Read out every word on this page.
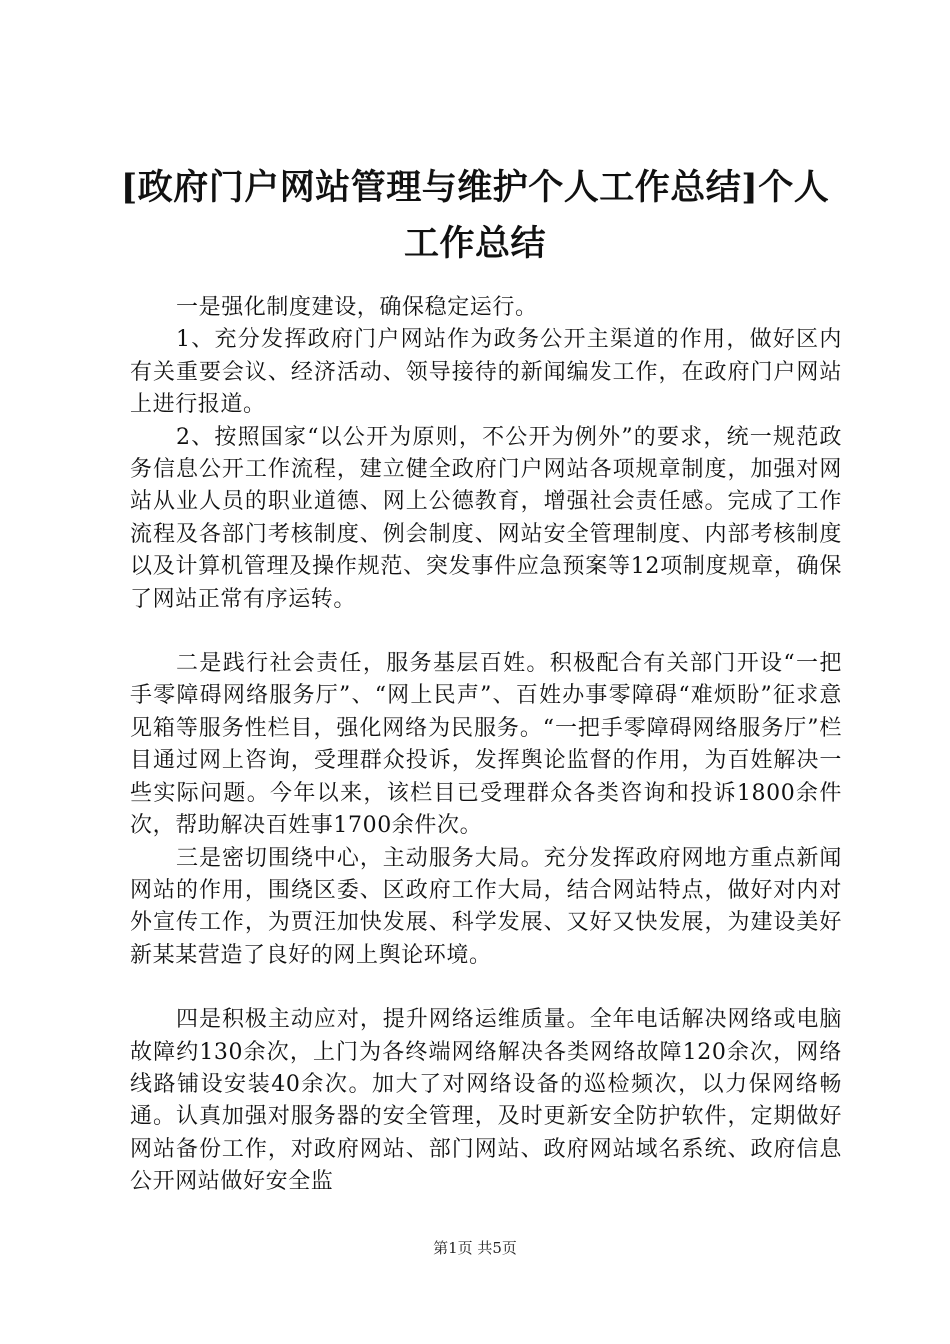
[政府门户网站管理与维护个人工作总结]个人工作总结

一是强化制度建设，确保稳定运行。

1、充分发挥政府门户网站作为政务公开主渠道的作用，做好区内有关重要会议、经济活动、领导接待的新闻编发工作，在政府门户网站上进行报道。

2、按照国家“以公开为原则，不公开为例外”的要求，统一规范政务信息公开工作流程，建立健全政府门户网站各项规章制度，加强对网站从业人员的职业道德、网上公德教育，增强社会责任感。完成了工作流程及各部门考核制度、例会制度、网站安全管理制度、内部考核制度以及计算机管理及操作规范、突发事件应急预案等12项制度规章，确保了网站正常有序运转。

二是践行社会责任，服务基层百姓。积极配合有关部门开设“一把手零障碍网络服务厅”、“网上民声”、百姓办事零障碍“难烦盼”征求意见箱等服务性栏目，强化网络为民服务。“一把手零障碍网络服务厅”栏目通过网上咨询，受理群众投诉，发挥舆论监督的作用，为百姓解决一些实际问题。今年以来，该栏目已受理群众各类咨询和投诉1800余件次，帮助解决百姓事1700余件次。

三是密切围绕中心，主动服务大局。充分发挥政府网地方重点新闻网站的作用，围绕区委、区政府工作大局，结合网站特点，做好对内对外宣传工作，为贾汪加快发展、科学发展、又好又快发展，为建设美好新某某营造了良好的网上舆论环境。

四是积极主动应对，提升网络运维质量。全年电话解决网络或电脑故障约130余次，上门为各终端网络解决各类网络故障120余次，网络线路铺设安装40余次。加大了对网络设备的巡检频次，以力保网络畅通。认真加强对服务器的安全管理，及时更新安全防护软件，定期做好网站备份工作，对政府网站、部门网站、政府网站域名系统、政府信息公开网站做好安全监

第1页 共5页
